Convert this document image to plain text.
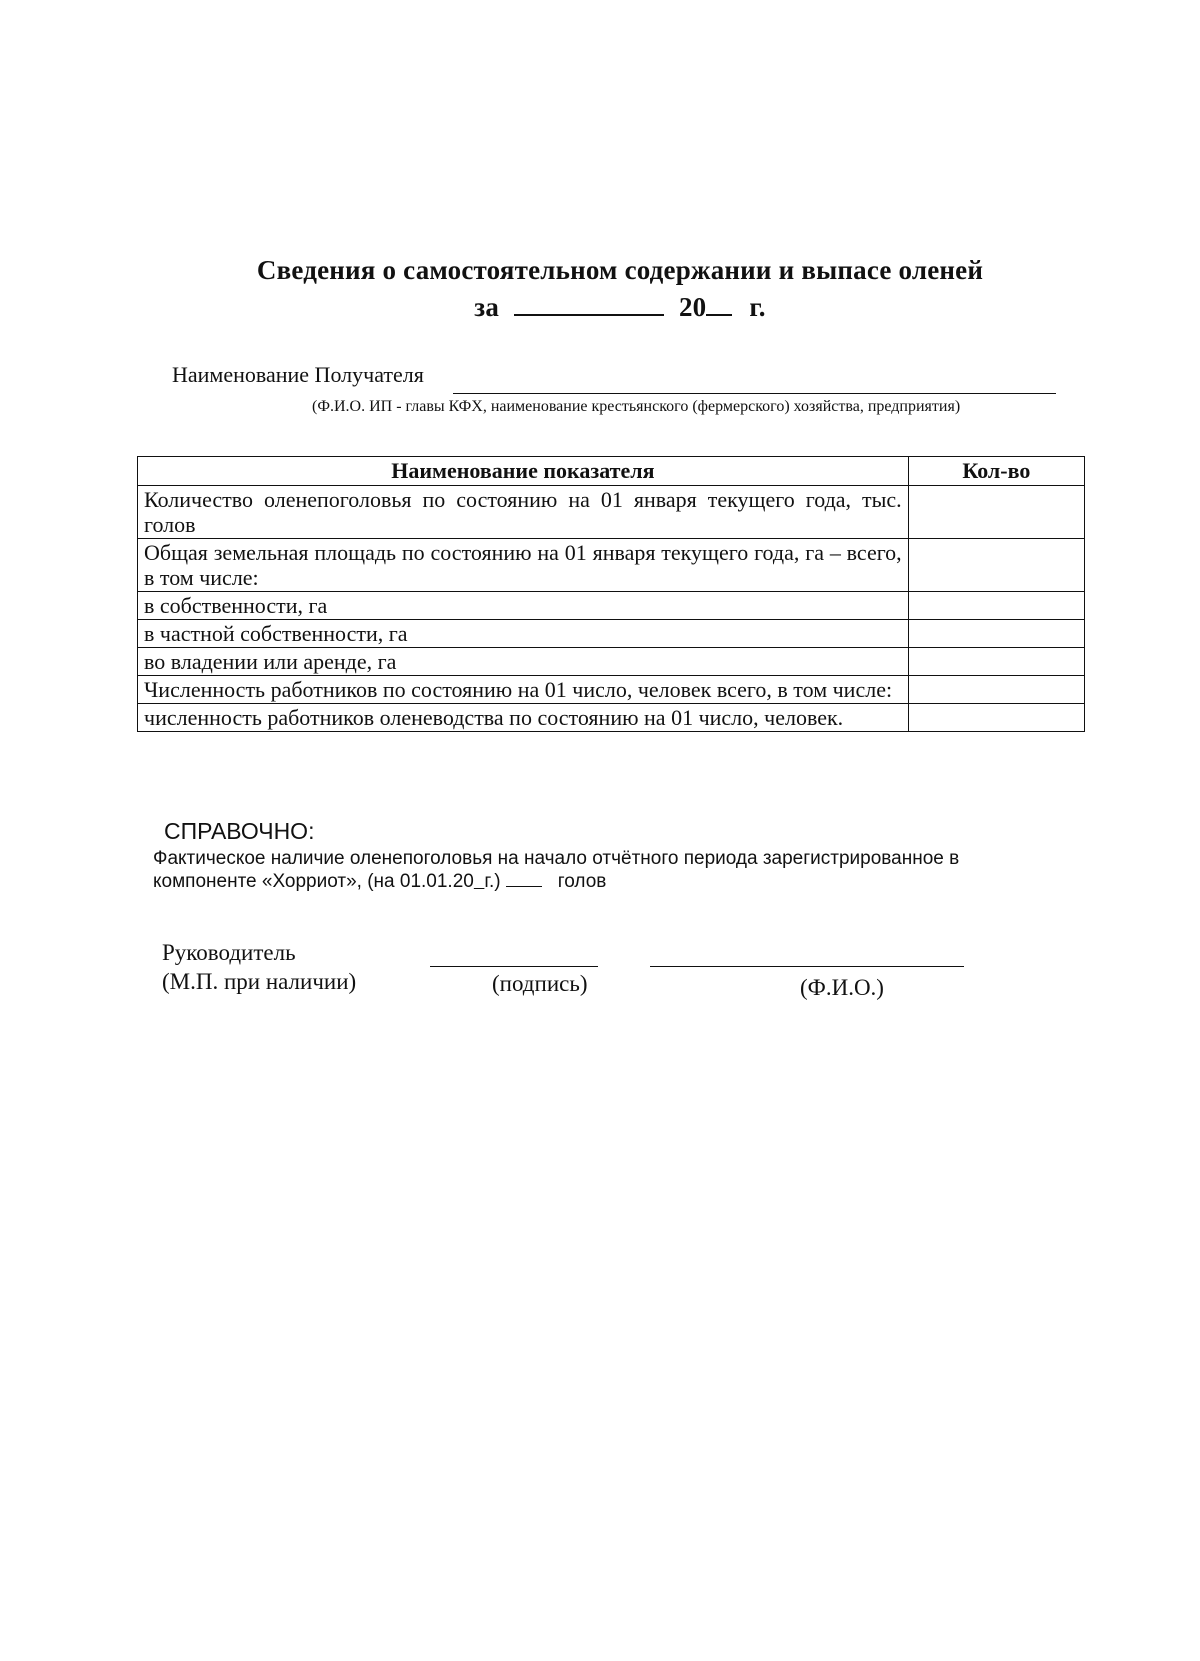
Сведения о самостоятельном содержании и выпасе оленей
за	20 г.
Наименование Получателя
(Ф.И.О. ИП - главы КФХ, наименование крестьянского (фермерского) хозяйства, предприятия)
Наименование показателя	Кол-во
Количество оленепоголовья по состоянию на 01 января текущего года, тыс. голов	
Общая земельная площадь по состоянию на 01 января текущего года, га – всего, в том числе:	
в собственности, га	
в частной собственности, га	
во владении или аренде, га	
Численность работников по состоянию на 01 число, человек всего, в том числе:	
численность работников оленеводства по состоянию на 01 число, человек.	
СПРАВОЧНО:
Фактическое наличие оленепоголовья на начало отчётного периода зарегистрированное в компоненте «Хорриот», (на 01.01.20 г.)	голов
Руководитель
(М.П. при наличии)	(подпись)	(Ф.И.О.)
